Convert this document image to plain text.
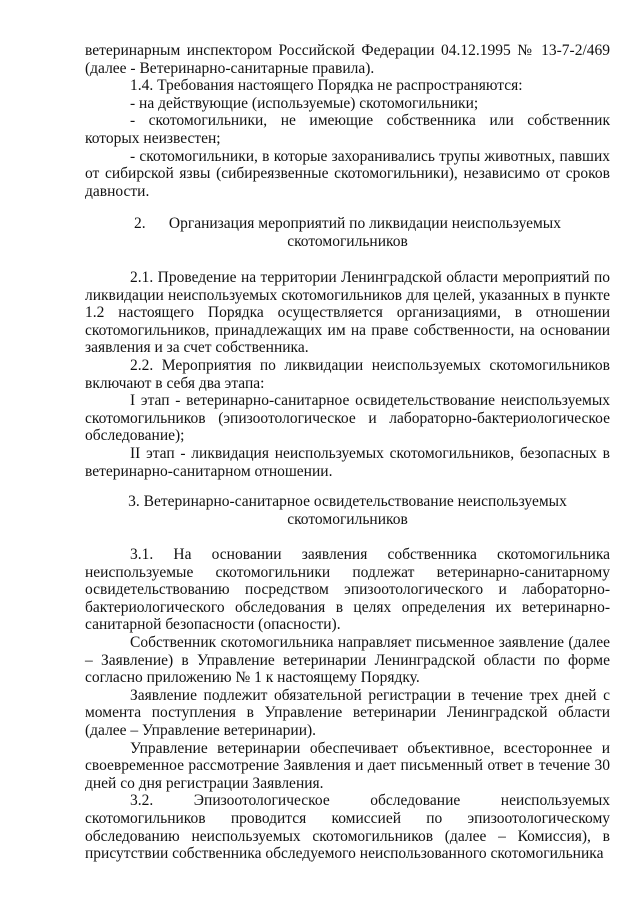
ветеринарным инспектором Российской Федерации 04.12.1995 № 13-7-2/469 (далее - Ветеринарно-санитарные правила).

1.4. Требования настоящего Порядка не распространяются:

- на действующие (используемые) скотомогильники;

- скотомогильники, не имеющие собственника или собственник которых неизвестен;

- скотомогильники, в которые захоранивались трупы животных, павших от сибирской язвы (сибиреязвенные скотомогильники), независимо от сроков давности.

2.      Организация мероприятий по ликвидации неиспользуемых

скотомогильников

2.1. Проведение на территории Ленинградской области мероприятий по ликвидации неиспользуемых скотомогильников для целей, указанных в пункте 1.2 настоящего Порядка осуществляется организациями, в отношении скотомогильников, принадлежащих им на праве собственности, на основании заявления и за счет собственника.

2.2. Мероприятия по ликвидации неиспользуемых скотомогильников включают в себя два этапа:

I этап - ветеринарно-санитарное освидетельствование неиспользуемых скотомогильников (эпизоотологическое и лабораторно-бактериологическое обследование);

II этап - ликвидация неиспользуемых скотомогильников, безопасных в ветеринарно-санитарном отношении.

3. Ветеринарно-санитарное освидетельствование неиспользуемых

скотомогильников

3.1. На основании заявления собственника скотомогильника неиспользуемые скотомогильники подлежат ветеринарно-санитарному освидетельствованию посредством эпизоотологического и лабораторно-бактериологического обследования в целях определения их ветеринарно-санитарной безопасности (опасности).

Собственник скотомогильника направляет письменное заявление (далее – Заявление) в Управление ветеринарии Ленинградской области по форме согласно приложению № 1 к настоящему Порядку.

Заявление подлежит обязательной регистрации в течение трех дней с момента поступления в Управление ветеринарии Ленинградской области (далее – Управление ветеринарии).

Управление ветеринарии обеспечивает объективное, всестороннее и своевременное рассмотрение Заявления и дает письменный ответ в течение 30 дней со дня регистрации Заявления.

3.2. Эпизоотологическое обследование неиспользуемых скотомогильников проводится комиссией по эпизоотологическому обследованию неиспользуемых скотомогильников (далее – Комиссия), в присутствии собственника обследуемого неиспользованного скотомогильника
